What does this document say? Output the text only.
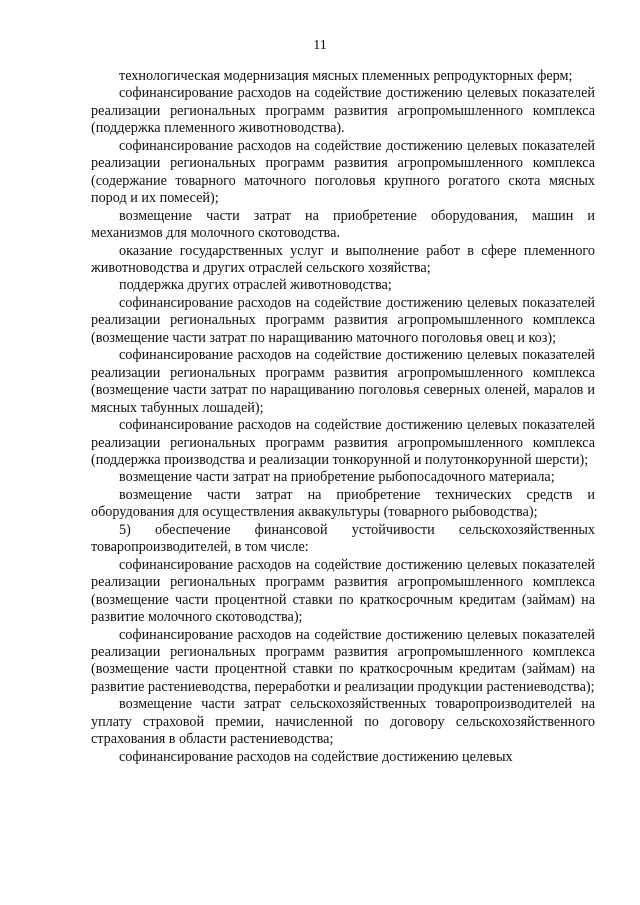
11

технологическая модернизация мясных племенных репродукторных ферм;

софинансирование расходов на содействие достижению целевых показателей реализации региональных программ развития агропромышленного комплекса (поддержка племенного животноводства).

софинансирование расходов на содействие достижению целевых показателей реализации региональных программ развития агропромышленного комплекса (содержание товарного маточного поголовья крупного рогатого скота мясных пород и их помесей);

возмещение части затрат на приобретение оборудования, машин и механизмов для молочного скотоводства.

оказание государственных услуг и выполнение работ в сфере племенного животноводства и других отраслей сельского хозяйства;

поддержка других отраслей животноводства;

софинансирование расходов на содействие достижению целевых показателей реализации региональных программ развития агропромышленного комплекса (возмещение части затрат по наращиванию маточного поголовья овец и коз);

софинансирование расходов на содействие достижению целевых показателей реализации региональных программ развития агропромышленного комплекса (возмещение части затрат по наращиванию поголовья северных оленей, маралов и мясных табунных лошадей);

софинансирование расходов на содействие достижению целевых показателей реализации региональных программ развития агропромышленного комплекса (поддержка производства и реализации тонкорунной и полутонкорунной шерсти);

возмещение части затрат на приобретение рыбопосадочного материала;

возмещение части затрат на приобретение технических средств и оборудования для осуществления аквакультуры (товарного рыбоводства);

5) обеспечение финансовой устойчивости сельскохозяйственных товаропроизводителей, в том числе:

софинансирование расходов на содействие достижению целевых показателей реализации региональных программ развития агропромышленного комплекса (возмещение части процентной ставки по краткосрочным кредитам (займам) на развитие молочного скотоводства);

софинансирование расходов на содействие достижению целевых показателей реализации региональных программ развития агропромышленного комплекса (возмещение части процентной ставки по краткосрочным кредитам (займам) на развитие растениеводства, переработки и реализации продукции растениеводства);

возмещение части затрат сельскохозяйственных товаропроизводителей на уплату страховой премии, начисленной по договору сельскохозяйственного страхования в области растениеводства;

софинансирование расходов на содействие достижению целевых
